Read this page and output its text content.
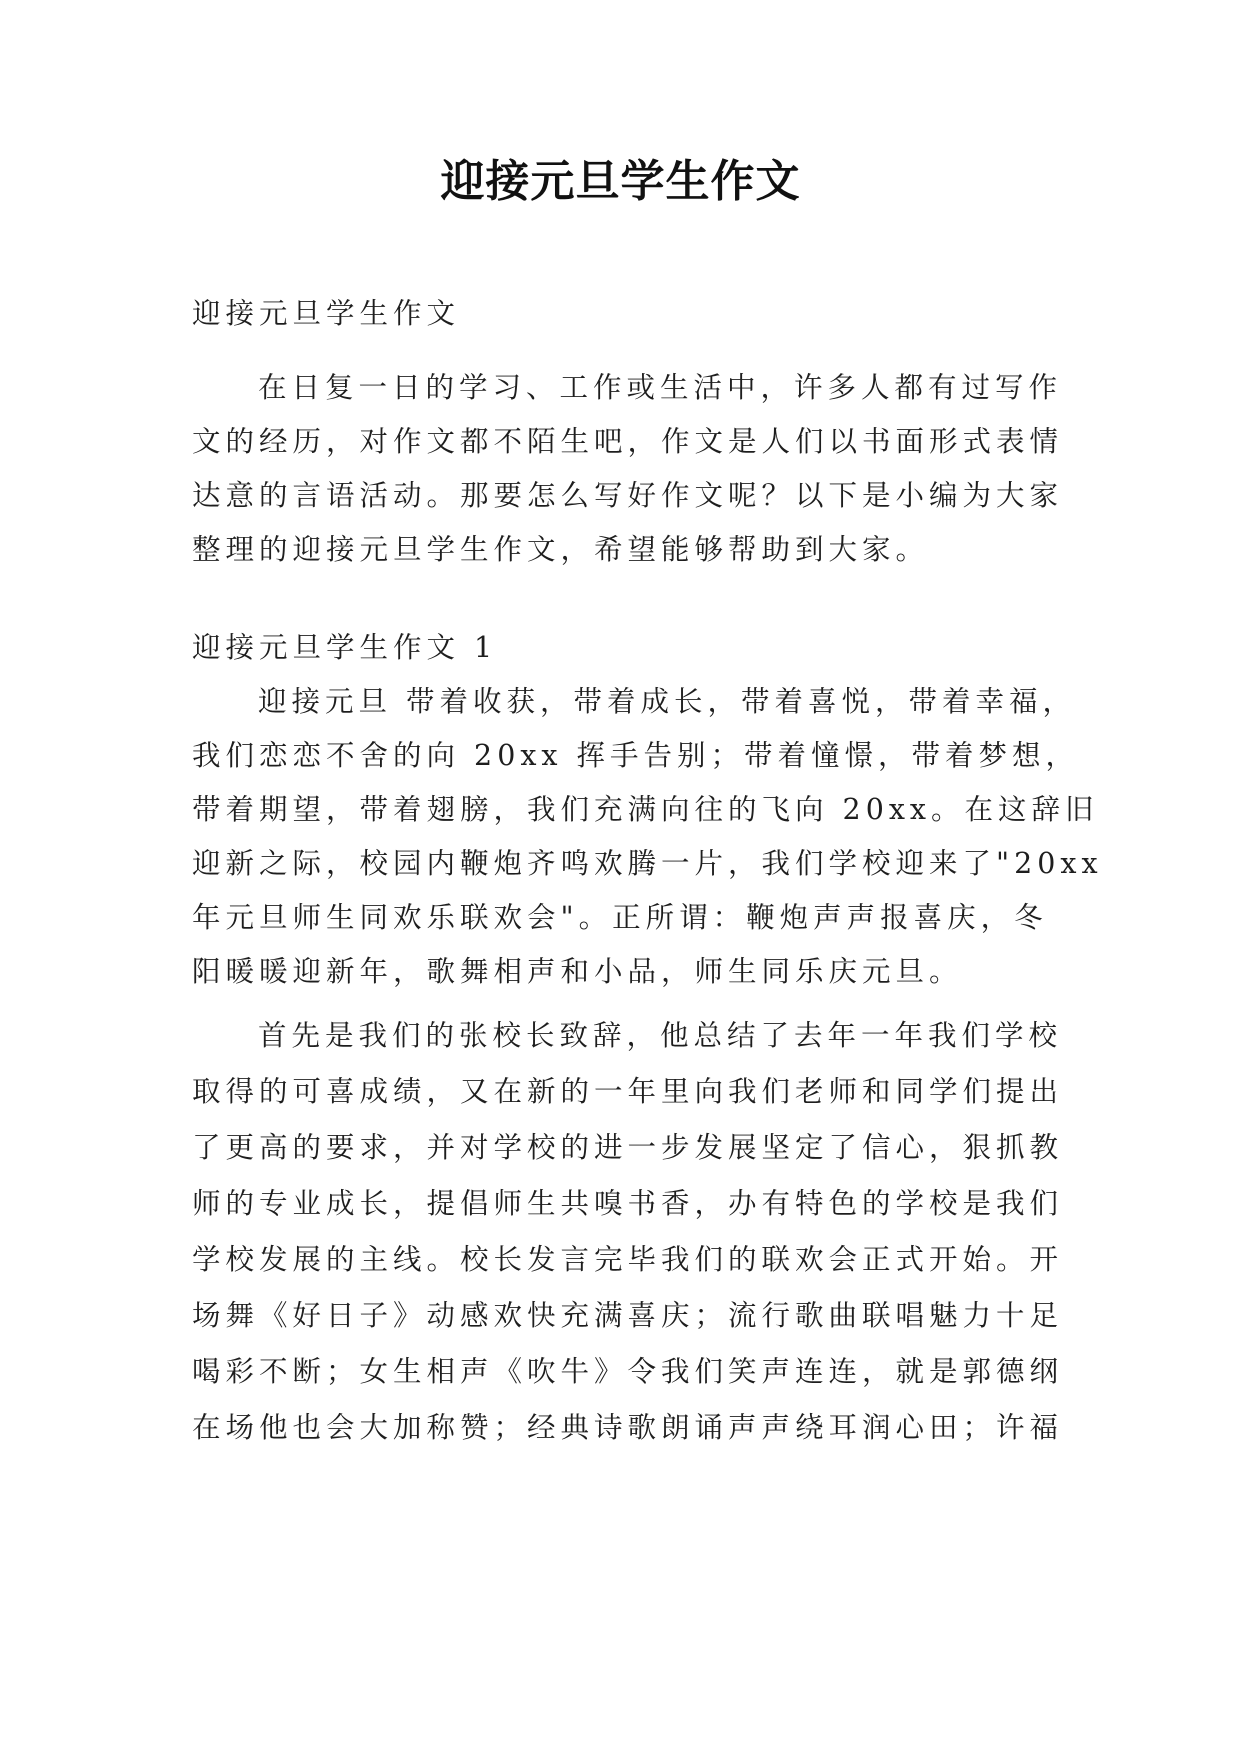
迎接元旦学生作文
迎接元旦学生作文
在日复一日的学习、工作或生活中，许多人都有过写作
文的经历，对作文都不陌生吧，作文是人们以书面形式表情
达意的言语活动。那要怎么写好作文呢？以下是小编为大家
整理的迎接元旦学生作文，希望能够帮助到大家。
迎接元旦学生作文 1
迎接元旦 带着收获，带着成长，带着喜悦，带着幸福，
我们恋恋不舍的向 20xx 挥手告别；带着憧憬，带着梦想，
带着期望，带着翅膀，我们充满向往的飞向 20xx。在这辞旧
迎新之际，校园内鞭炮齐鸣欢腾一片，我们学校迎来了"20xx
年元旦师生同欢乐联欢会"。正所谓：鞭炮声声报喜庆，冬
阳暖暖迎新年，歌舞相声和小品，师生同乐庆元旦。
首先是我们的张校长致辞，他总结了去年一年我们学校
取得的可喜成绩，又在新的一年里向我们老师和同学们提出
了更高的要求，并对学校的进一步发展坚定了信心，狠抓教
师的专业成长，提倡师生共嗅书香，办有特色的学校是我们
学校发展的主线。校长发言完毕我们的联欢会正式开始。开
场舞《好日子》动感欢快充满喜庆；流行歌曲联唱魅力十足
喝彩不断；女生相声《吹牛》令我们笑声连连，就是郭德纲
在场他也会大加称赞；经典诗歌朗诵声声绕耳润心田；许福
